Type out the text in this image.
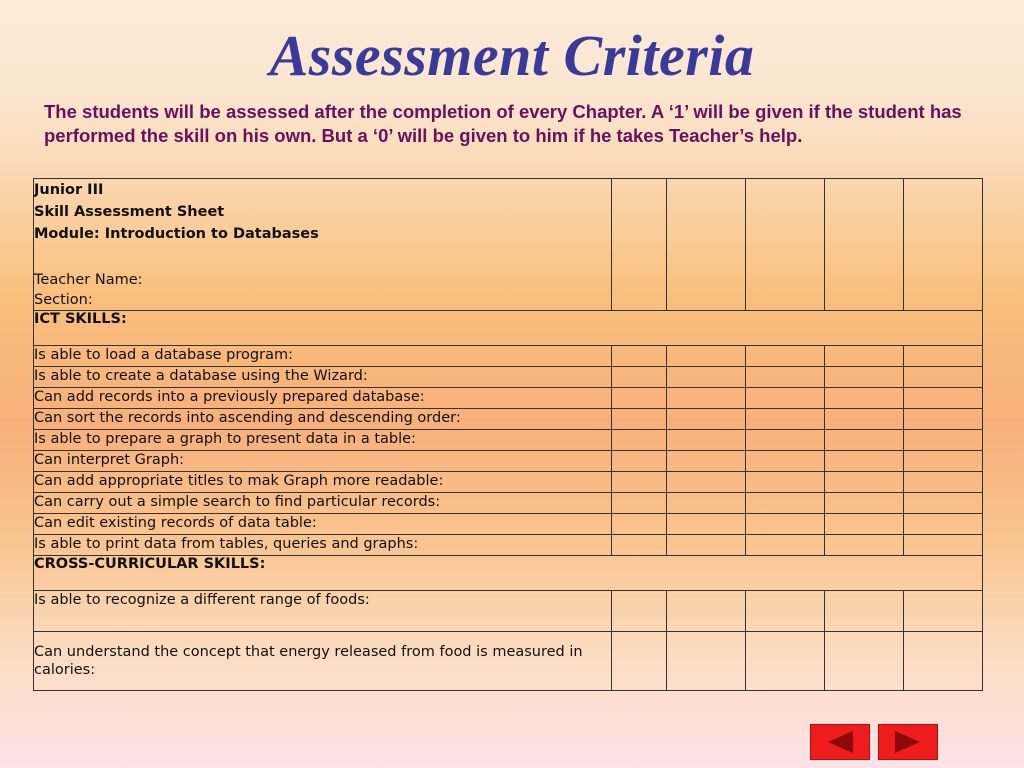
Assessment Criteria
The students will be assessed after the completion of every Chapter. A ‘1’ will be given if the student has performed the skill on his own. But a ‘0’ will be given to him if he takes Teacher’s help.
Junior III
Skill Assessment Sheet
Module: Introduction to Databases
Teacher Name:
Section:					

ICT SKILLS:					
Is able to load a database program:					
Is able to create a database using the Wizard:					
Can add records into a previously prepared database:					
Can sort the records into ascending and descending order:					
Is able to prepare a graph to present data in a table:					
Can interpret Graph:					
Can add appropriate titles to mak Graph more readable:					
Can carry out a simple search to find particular records:					
Can edit existing records of data table:					
Is able to print data from tables, queries and graphs:					
CROSS-CURRICULAR SKILLS:					
Is able to recognize a different range of foods:					
Can understand the concept that energy released from food is measured in calories:					
